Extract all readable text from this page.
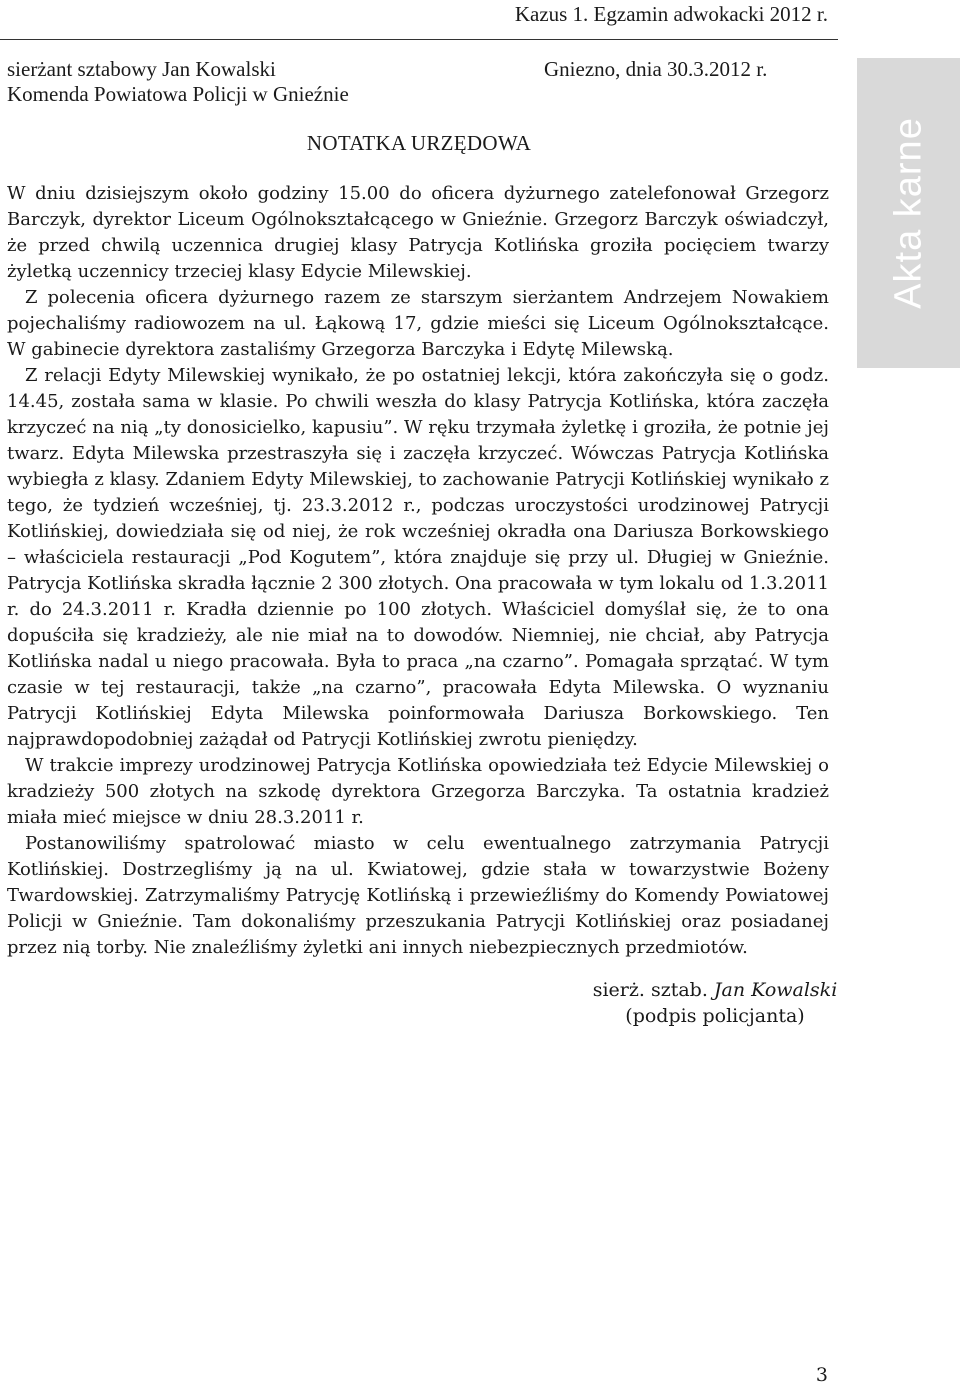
Kazus 1. Egzamin adwokacki 2012 r.
Akta karne
sierżant sztabowy Jan Kowalski
Komenda Powiatowa Policji w Gnieźnie
Gniezno, dnia 30.3.2012 r.
NOTATKA URZĘDOWA

W dniu dzisiejszym około godziny 15.00 do oficera dyżurnego zatelefonował Grzegorz Barczyk, dyrektor Liceum Ogólnokształcącego w Gnieźnie. Grzegorz Barczyk oświadczył, że przed chwilą uczennica drugiej klasy Patrycja Kotlińska groziła pocięciem twarzy żyletką uczennicy trzeciej klasy Edycie Milewskiej.

Z polecenia oficera dyżurnego razem ze starszym sierżantem Andrzejem Nowakiem pojechaliśmy radiowozem na ul. Łąkową 17, gdzie mieści się Liceum Ogólnokształcące. W gabinecie dyrektora zastaliśmy Grzegorza Barczyka i Edytę Milewską.

Z relacji Edyty Milewskiej wynikało, że po ostatniej lekcji, która zakończyła się o godz. 14.45, została sama w klasie. Po chwili weszła do klasy Patrycja Kotlińska, która zaczęła krzyczeć na nią „ty donosicielko, kapusiu”. W ręku trzymała żyletkę i groziła, że potnie jej twarz. Edyta Milewska przestraszyła się i zaczęła krzyczeć. Wówczas Patrycja Kotlińska wybiegła z klasy. Zdaniem Edyty Milewskiej, to zachowanie Patrycji Kotlińskiej wynikało z tego, że tydzień wcześniej, tj. 23.3.2012 r., podczas uroczystości urodzinowej Patrycji Kotlińskiej, dowiedziała się od niej, że rok wcześniej okradła ona Dariusza Borkowskiego – właściciela restauracji „Pod Kogutem”, która znajduje się przy ul. Długiej w Gnieźnie. Patrycja Kotlińska skradła łącznie 2 300 złotych. Ona pracowała w tym lokalu od 1.3.2011 r. do 24.3.2011 r. Kradła dziennie po 100 złotych. Właściciel domyślał się, że to ona dopuściła się kradzieży, ale nie miał na to dowodów. Niemniej, nie chciał, aby Patrycja Kotlińska nadal u niego pracowała. Była to praca „na czarno”. Pomagała sprzątać. W tym czasie w tej restauracji, także „na czarno”, pracowała Edyta Milewska. O wyznaniu Patrycji Kotlińskiej Edyta Milewska poinformowała Dariusza Borkowskiego. Ten najprawdopodobniej zażądał od Patrycji Kotlińskiej zwrotu pieniędzy.

W trakcie imprezy urodzinowej Patrycja Kotlińska opowiedziała też Edycie Milewskiej o kradzieży 500 złotych na szkodę dyrektora Grzegorza Barczyka. Ta ostatnia kradzież miała mieć miejsce w dniu 28.3.2011 r.

Postanowiliśmy spatrolować miasto w celu ewentualnego zatrzymania Patrycji Kotlińskiej. Dostrzegliśmy ją na ul. Kwiatowej, gdzie stała w towarzystwie Bożeny Twardowskiej. Zatrzymaliśmy Patrycję Kotlińską i przewieźliśmy do Komendy Powiatowej Policji w Gnieźnie. Tam dokonaliśmy przeszukania Patrycji Kotlińskiej oraz posiadanej przez nią torby. Nie znaleźliśmy żyletki ani innych niebezpiecznych przedmiotów.

sierż. sztab. Jan Kowalski
(podpis policjanta)
3
